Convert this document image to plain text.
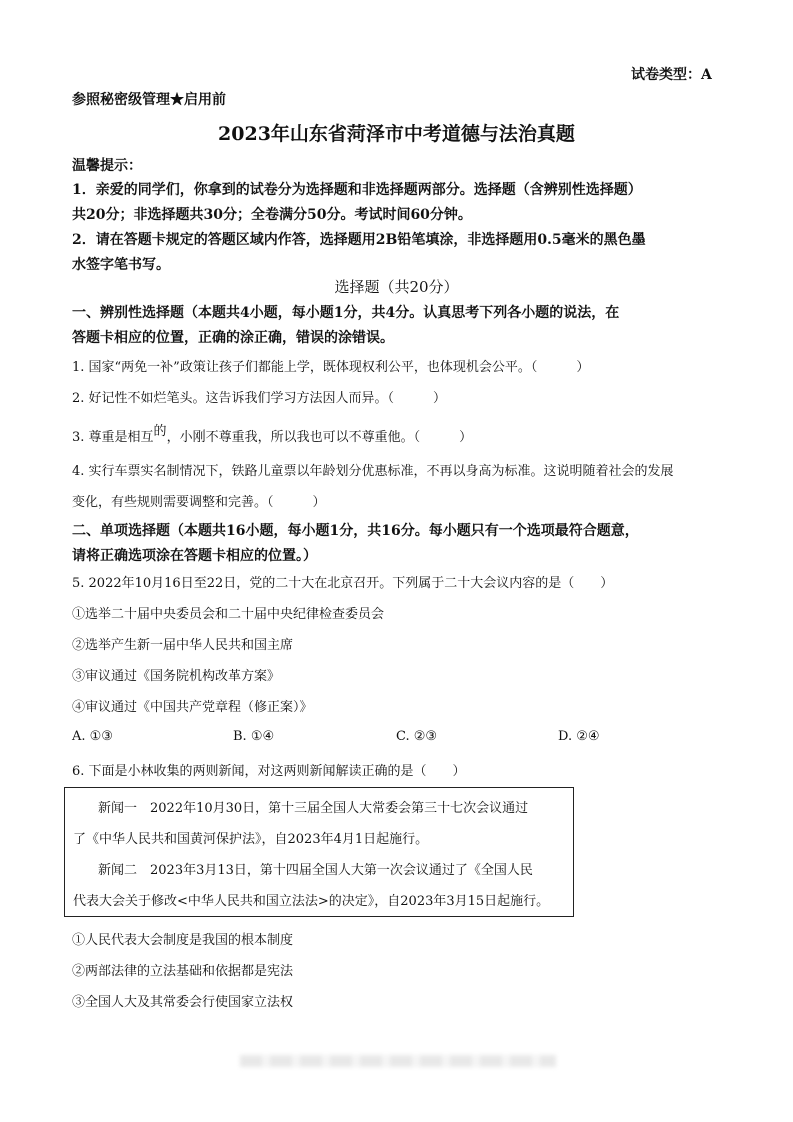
试卷类型：A
参照秘密级管理★启用前
2023年山东省菏泽市中考道德与法治真题
温馨提示：
1．亲爱的同学们，你拿到的试卷分为选择题和非选择题两部分。选择题（含辨别性选择题）
共20分；非选择题共30分；全卷满分50分。考试时间60分钟。
2．请在答题卡规定的答题区域内作答，选择题用2B铅笔填涂，非选择题用0.5毫米的黑色墨
水签字笔书写。
选择题（共20分）
一、辨别性选择题（本题共4小题，每小题1分，共4分。认真思考下列各小题的说法，在
答题卡相应的位置，正确的涂正确，错误的涂错误。
1. 国家“两免一补”政策让孩子们都能上学，既体现权利公平，也体现机会公平。（　　　）
2. 好记性不如烂笔头。这告诉我们学习方法因人而异。（　　　）
3. 尊重是相互的，小刚不尊重我，所以我也可以不尊重他。（　　　）
4. 实行车票实名制情况下，铁路儿童票以年龄划分优惠标准，不再以身高为标准。这说明随着社会的发展
变化，有些规则需要调整和完善。（　　　）
二、单项选择题（本题共16小题，每小题1分，共16分。每小题只有一个选项最符合题意，
请将正确选项涂在答题卡相应的位置。）
5. 2022年10月16日至22日，党的二十大在北京召开。下列属于二十大会议内容的是（　　）
①选举二十届中央委员会和二十届中央纪律检查委员会
②选举产生新一届中华人民共和国主席
③审议通过《国务院机构改革方案》
④审议通过《中国共产党章程（修正案）》
A. ①③	B. ①④	C. ②③	D. ②④
6. 下面是小林收集的两则新闻，对这两则新闻解读正确的是（　　）
新闻一　2022年10月30日，第十三届全国人大常委会第三十七次会议通过
了《中华人民共和国黄河保护法》，自2023年4月1日起施行。
新闻二　2023年3月13日，第十四届全国人大第一次会议通过了《全国人民
代表大会关于修改<中华人民共和国立法法>的决定》，自2023年3月15日起施行。
①人民代表大会制度是我国的根本制度
②两部法律的立法基础和依据都是宪法
③全国人大及其常委会行使国家立法权
